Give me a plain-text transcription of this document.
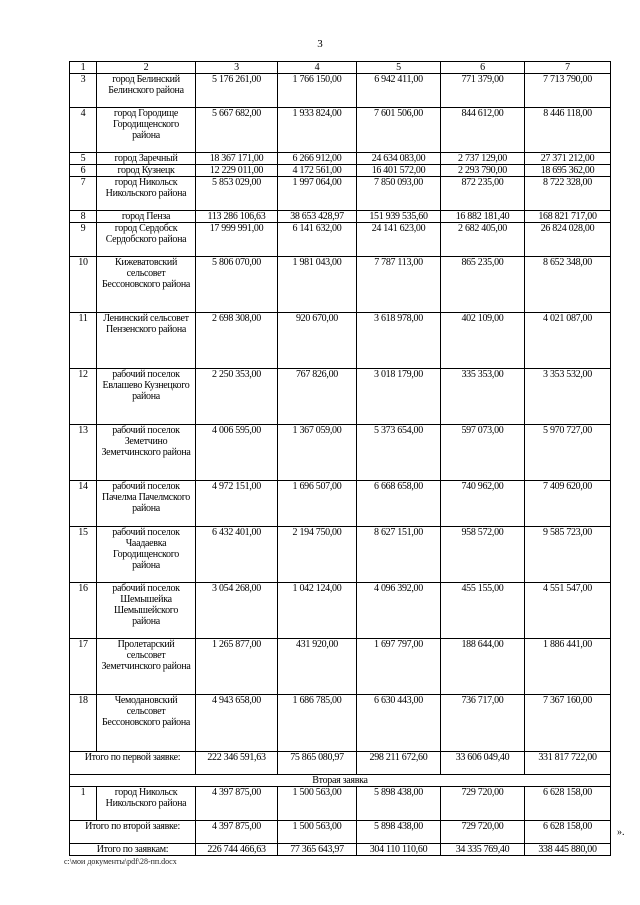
3
1	2	3	4	5	6	7
3	город Белинский Белинского района	5 176 261,00	1 766 150,00	6 942 411,00	771 379,00	7 713 790,00
4	город Городище Городищенского района	5 667 682,00	1 933 824,00	7 601 506,00	844 612,00	8 446 118,00
5	город Заречный	18 367 171,00	6 266 912,00	24 634 083,00	2 737 129,00	27 371 212,00
6	город Кузнецк	12 229 011,00	4 172 561,00	16 401 572,00	2 293 790,00	18 695 362,00
7	город Никольск Никольского района	5 853 029,00	1 997 064,00	7 850 093,00	872 235,00	8 722 328,00
8	город Пенза	113 286 106,63	38 653 428,97	151 939 535,60	16 882 181,40	168 821 717,00
9	город Сердобск Сердобского района	17 999 991,00	6 141 632,00	24 141 623,00	2 682 405,00	26 824 028,00
10	Кижеватовский сельсовет Бессоновского района	5 806 070,00	1 981 043,00	7 787 113,00	865 235,00	8 652 348,00
11	Ленинский сельсовет Пензенского района	2 698 308,00	920 670,00	3 618 978,00	402 109,00	4 021 087,00
12	рабочий поселок Евлашево Кузнецкого района	2 250 353,00	767 826,00	3 018 179,00	335 353,00	3 353 532,00
13	рабочий поселок Земетчино Земетчинского района	4 006 595,00	1 367 059,00	5 373 654,00	597 073,00	5 970 727,00
14	рабочий поселок Пачелма Пачелмского района	4 972 151,00	1 696 507,00	6 668 658,00	740 962,00	7 409 620,00
15	рабочий поселок Чаадаевка Городищенского района	6 432 401,00	2 194 750,00	8 627 151,00	958 572,00	9 585 723,00
16	рабочий поселок Шемышейка Шемышейского района	3 054 268,00	1 042 124,00	4 096 392,00	455 155,00	4 551 547,00
17	Пролетарский сельсовет Земетчинского района	1 265 877,00	431 920,00	1 697 797,00	188 644,00	1 886 441,00
18	Чемодановский сельсовет Бессоновского района	4 943 658,00	1 686 785,00	6 630 443,00	736 717,00	7 367 160,00
Итого по первой заявке:		222 346 591,63	75 865 080,97	298 211 672,60	33 606 049,40	331 817 722,00
Вторая заявка						
1	город Никольск Никольского района	4 397 875,00	1 500 563,00	5 898 438,00	729 720,00	6 628 158,00
Итого по второй заявке:		4 397 875,00	1 500 563,00	5 898 438,00	729 720,00	6 628 158,00
Итого по заявкам:		226 744 466,63	77 365 643,97	304 110 110,60	34 335 769,40	338 445 880,00
».
c:\мои документы\pdf\28-пп.docx
